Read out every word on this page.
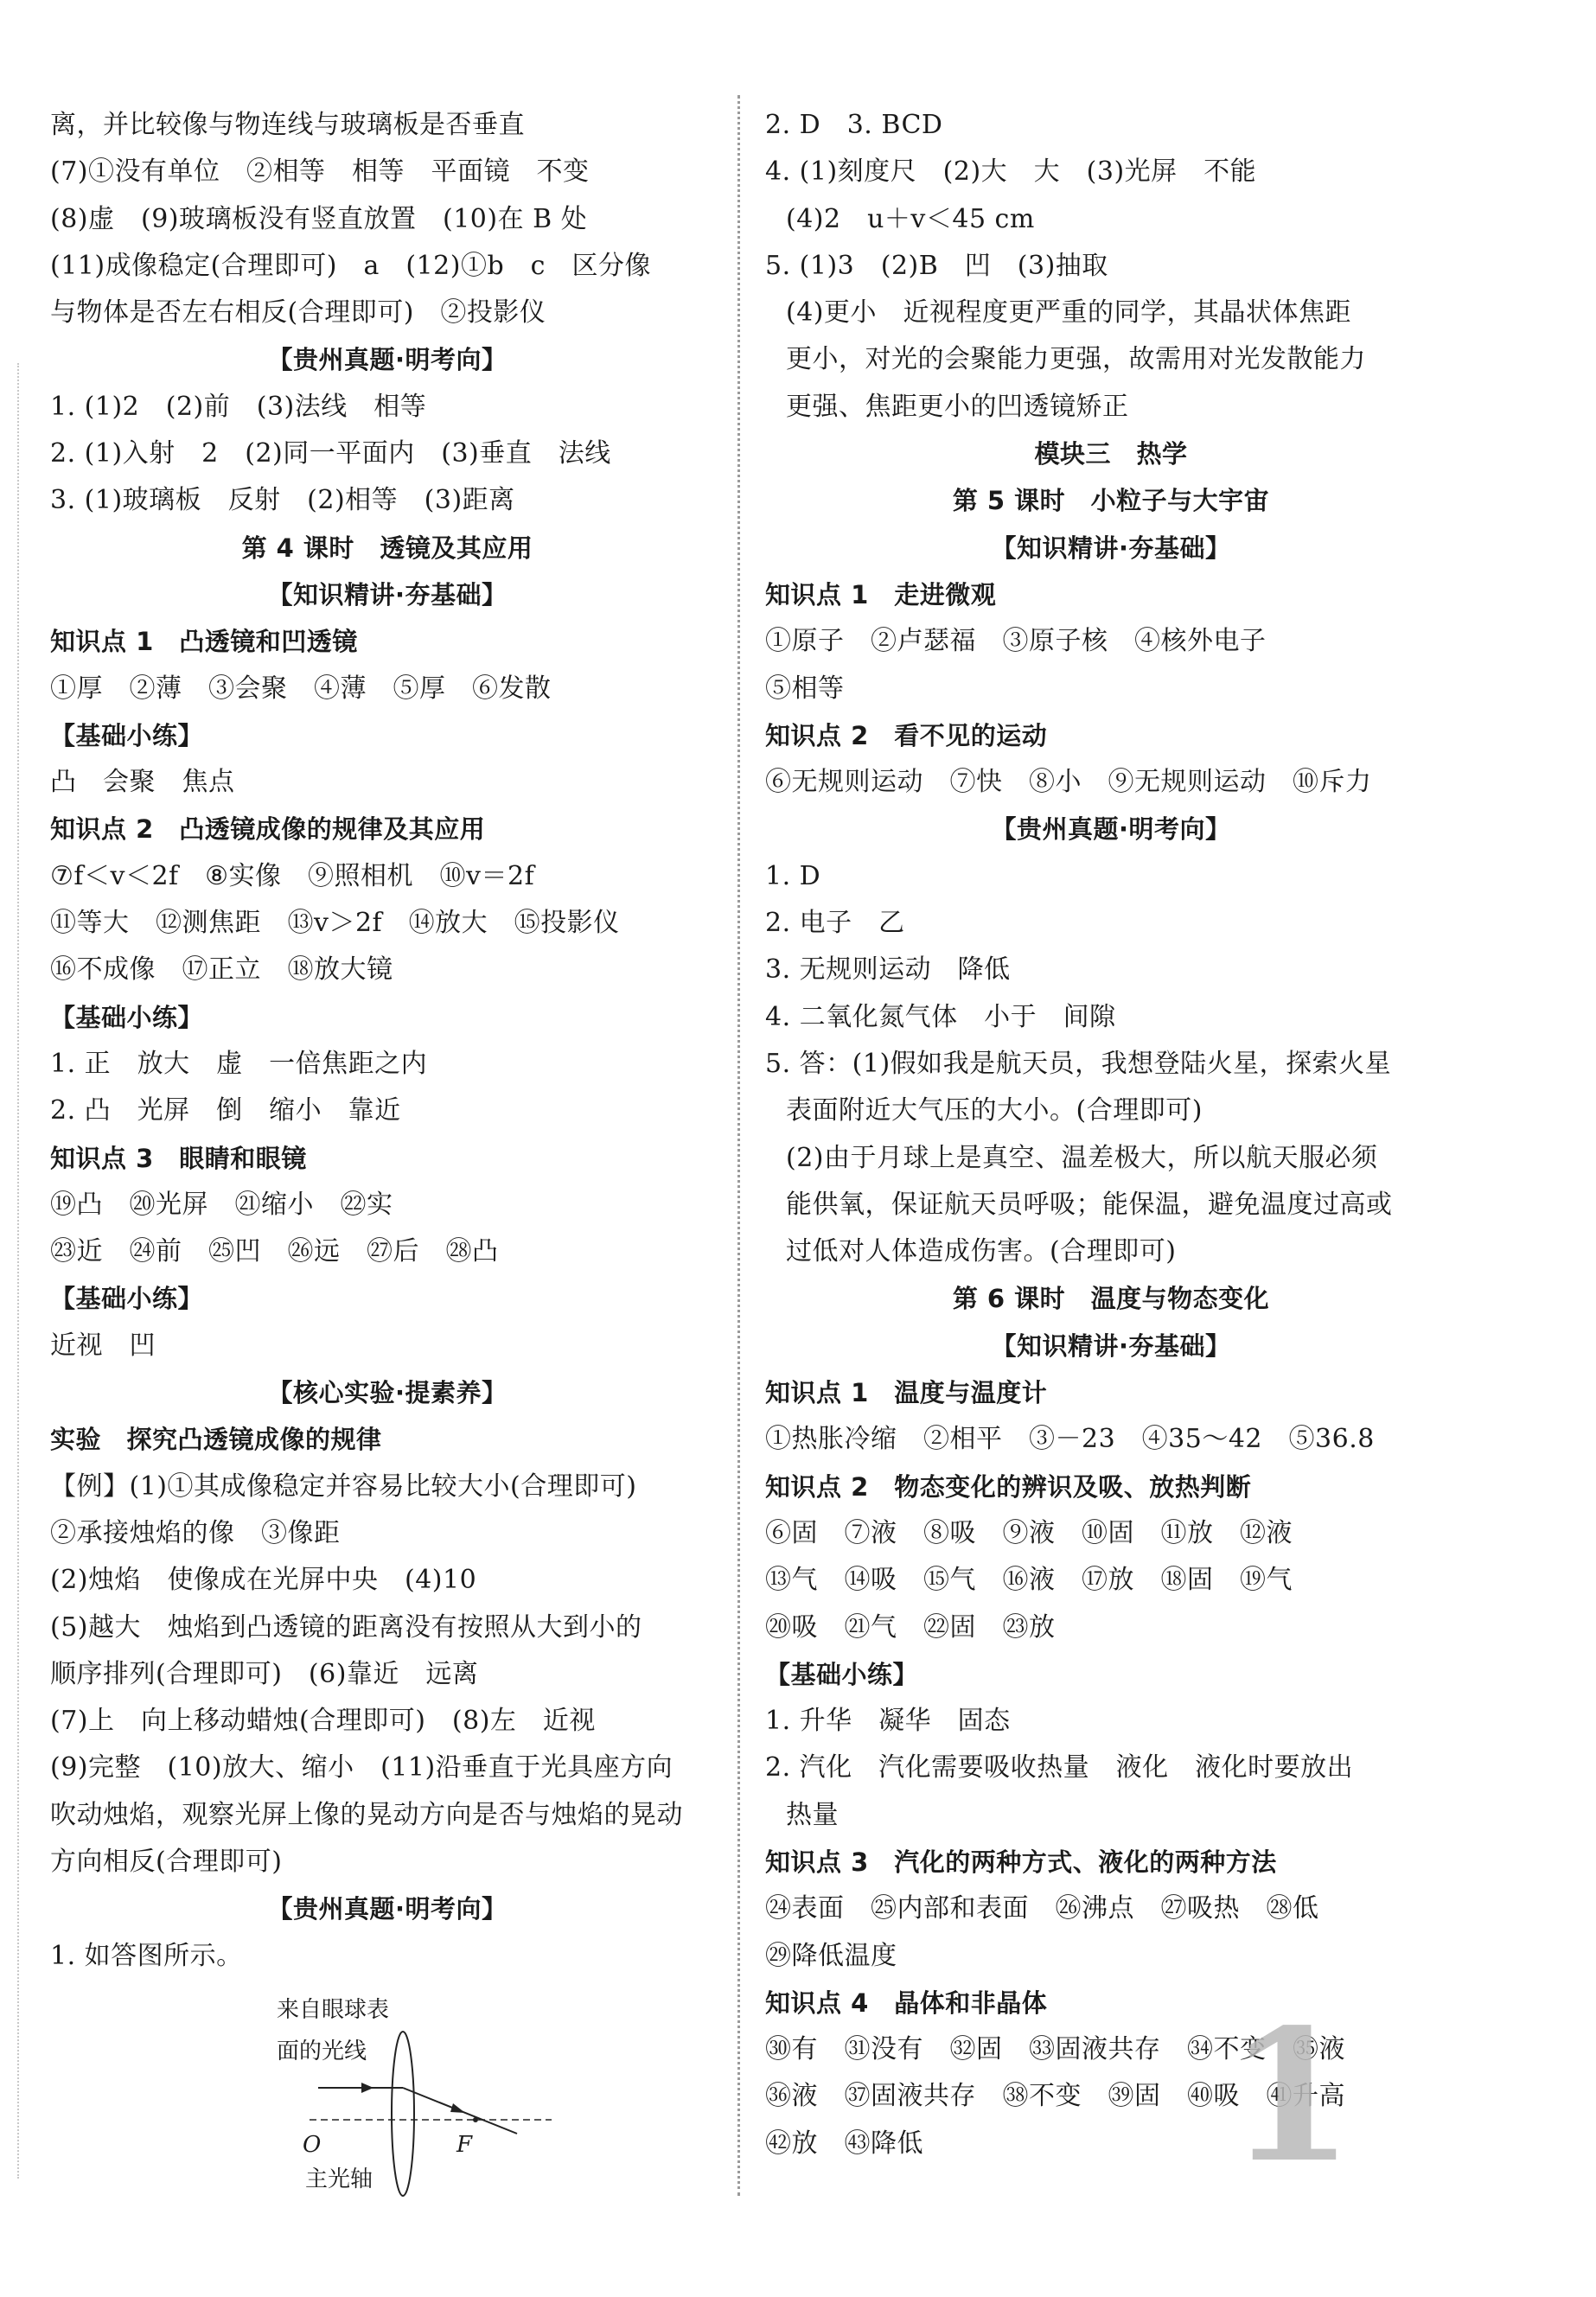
离，并比较像与物连线与玻璃板是否垂直
(7)①没有单位　②相等　相等　平面镜　不变
(8)虚　(9)玻璃板没有竖直放置　(10)在 B 处
(11)成像稳定(合理即可)　a　(12)①b　c　区分像
与物体是否左右相反(合理即可)　②投影仪
【贵州真题·明考向】
1. (1)2　(2)前　(3)法线　相等
2. (1)入射　2　(2)同一平面内　(3)垂直　法线
3. (1)玻璃板　反射　(2)相等　(3)距离
第 4 课时　透镜及其应用
【知识精讲·夯基础】
知识点 1　凸透镜和凹透镜
①厚　②薄　③会聚　④薄　⑤厚　⑥发散
【基础小练】
凸　会聚　焦点
知识点 2　凸透镜成像的规律及其应用
⑦f＜v＜2f　⑧实像　⑨照相机　⑩v＝2f
⑪等大　⑫测焦距　⑬v＞2f　⑭放大　⑮投影仪
⑯不成像　⑰正立　⑱放大镜
【基础小练】
1. 正　放大　虚　一倍焦距之内
2. 凸　光屏　倒　缩小　靠近
知识点 3　眼睛和眼镜
⑲凸　⑳光屏　㉑缩小　㉒实
㉓近　㉔前　㉕凹　㉖远　㉗后　㉘凸
【基础小练】
近视　凹
【核心实验·提素养】
实验　探究凸透镜成像的规律
【例】(1)①其成像稳定并容易比较大小(合理即可)
②承接烛焰的像　③像距
(2)烛焰　使像成在光屏中央　(4)10
(5)越大　烛焰到凸透镜的距离没有按照从大到小的
顺序排列(合理即可)　(6)靠近　远离
(7)上　向上移动蜡烛(合理即可)　(8)左　近视
(9)完整　(10)放大、缩小　(11)沿垂直于光具座方向
吹动烛焰，观察光屏上像的晃动方向是否与烛焰的晃动
方向相反(合理即可)
【贵州真题·明考向】
1. 如答图所示。
来自眼球表
面的光线
O	F
主光轴
2. D　3. BCD
4. (1)刻度尺　(2)大　大　(3)光屏　不能
(4)2　u＋v＜45 cm
5. (1)3　(2)B　凹　(3)抽取
(4)更小　近视程度更严重的同学，其晶状体焦距
更小，对光的会聚能力更强，故需用对光发散能力
更强、焦距更小的凹透镜矫正
模块三　热学
第 5 课时　小粒子与大宇宙
【知识精讲·夯基础】
知识点 1　走进微观
①原子　②卢瑟福　③原子核　④核外电子
⑤相等
知识点 2　看不见的运动
⑥无规则运动　⑦快　⑧小　⑨无规则运动　⑩斥力
【贵州真题·明考向】
1. D
2. 电子　乙
3. 无规则运动　降低
4. 二氧化氮气体　小于　间隙
5. 答：(1)假如我是航天员，我想登陆火星，探索火星
表面附近大气压的大小。(合理即可)
(2)由于月球上是真空、温差极大，所以航天服必须
能供氧，保证航天员呼吸；能保温，避免温度过高或
过低对人体造成伤害。(合理即可)
第 6 课时　温度与物态变化
【知识精讲·夯基础】
知识点 1　温度与温度计
①热胀冷缩　②相平　③－23　④35～42　⑤36.8
知识点 2　物态变化的辨识及吸、放热判断
⑥固　⑦液　⑧吸　⑨液　⑩固　⑪放　⑫液
⑬气　⑭吸　⑮气　⑯液　⑰放　⑱固　⑲气
⑳吸　㉑气　㉒固　㉓放
【基础小练】
1. 升华　凝华　固态
2. 汽化　汽化需要吸收热量　液化　液化时要放出
热量
知识点 3　汽化的两种方式、液化的两种方法
㉔表面　㉕内部和表面　㉖沸点　㉗吸热　㉘低
㉙降低温度
知识点 4　晶体和非晶体
㉚有　㉛没有　㉜固　㉝固液共存　㉞不变　㉟液
㊱液　㊲固液共存　㊳不变　㊴固　㊵吸　㊶升高
㊷放　㊸降低	1
